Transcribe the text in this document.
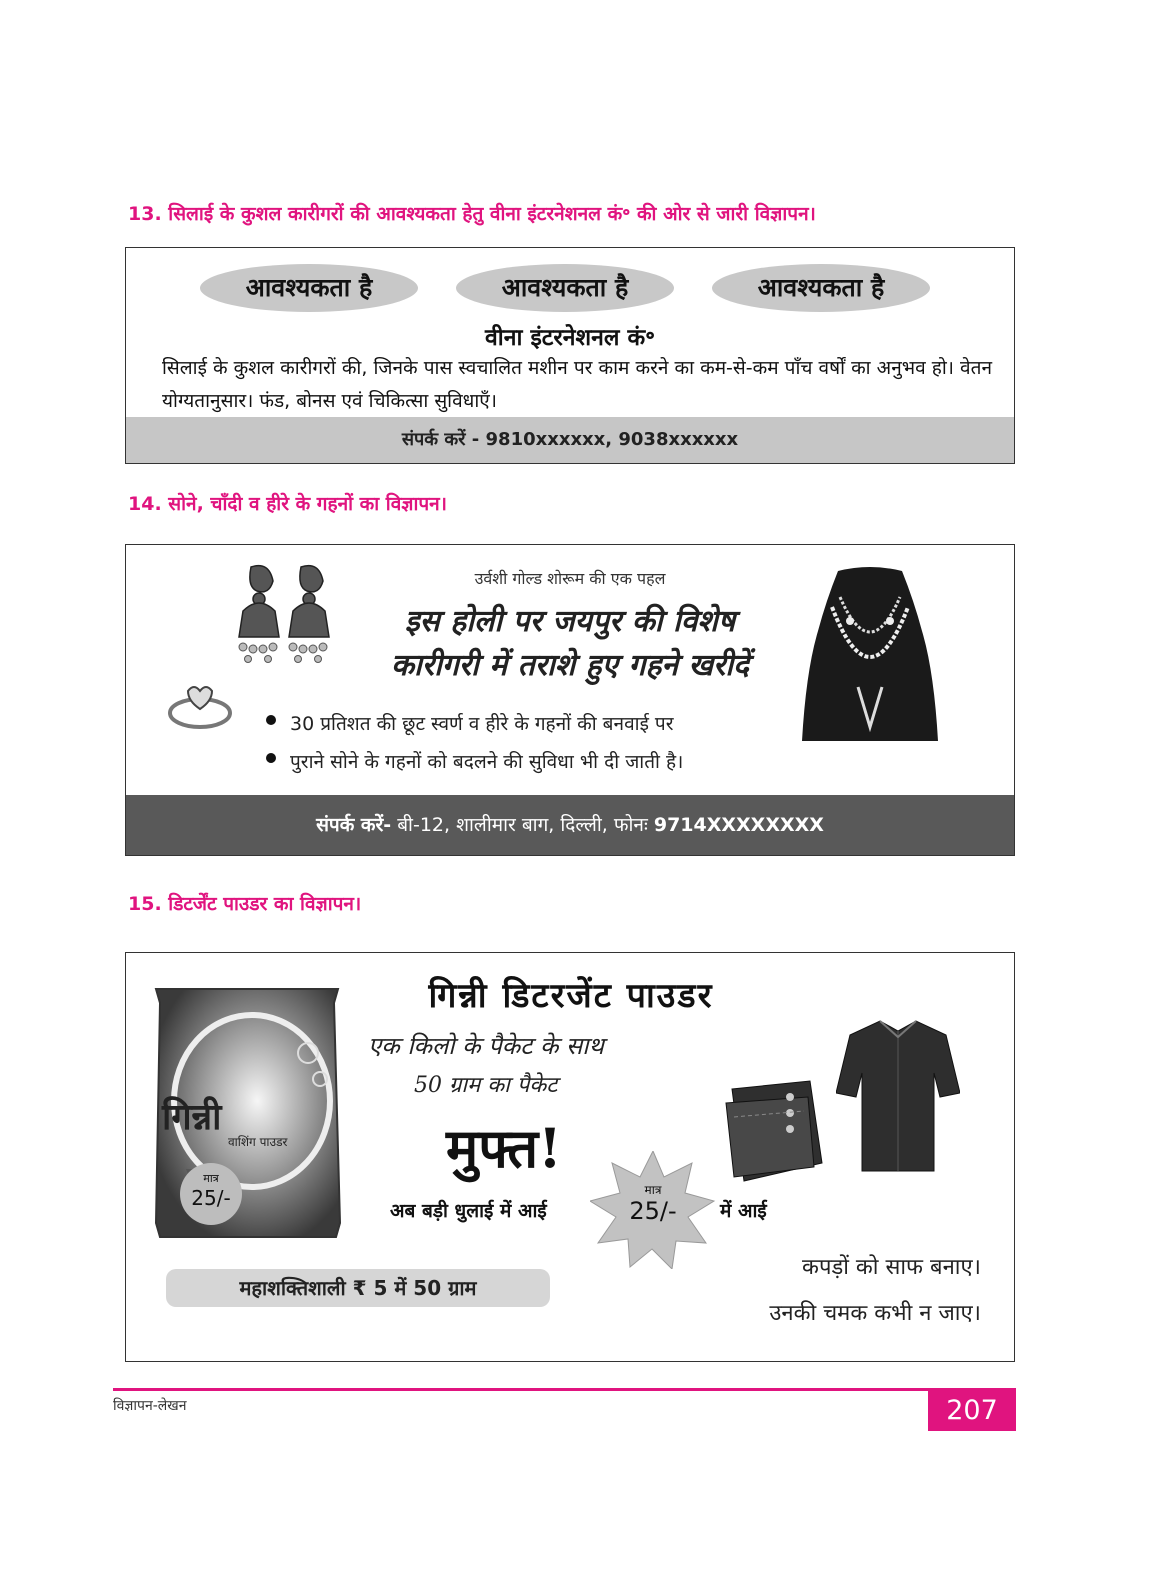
13. सिलाई के कुशल कारीगरों की आवश्यकता हेतु वीना इंटरनेशनल कं॰ की ओर से जारी विज्ञापन।
आवश्यकता है	आवश्यकता है	आवश्यकता है
वीना इंटरनेशनल कं॰
सिलाई के कुशल कारीगरों की, जिनके पास स्वचालित मशीन पर काम करने का कम-से-कम पाँच वर्षों का अनुभव हो। वेतन योग्यतानुसार। फंड, बोनस एवं चिकित्सा सुविधाएँ।
संपर्क करें - 9810xxxxxx, 9038xxxxxx
14. सोने, चाँदी व हीरे के गहनों का विज्ञापन।
उर्वशी गोल्ड शोरूम की एक पहल
इस होली पर जयपुर की विशेष
कारीगरी में तराशे हुए गहने खरीदें
30 प्रतिशत की छूट स्वर्ण व हीरे के गहनों की बनवाई पर
पुराने सोने के गहनों को बदलने की सुविधा भी दी जाती है।
संपर्क करें- बी-12, शालीमार बाग, दिल्ली, फोनः 9714XXXXXXXX
15. डिटर्जेंट पाउडर का विज्ञापन।
गिन्नी
वाशिंग पाउडर
मात्र
25/-
गिन्नी डिटरजेंट पाउडर
एक किलो के पैकेट के साथ
50 ग्राम का पैकेट
मुफ्त!
अब बड़ी धुलाई में आई
मात्र
25/-	में आई
महाशक्तिशाली ₹ 5 में 50 ग्राम
कपड़ों को साफ बनाए।
उनकी चमक कभी न जाए।
विज्ञापन-लेखन	207
